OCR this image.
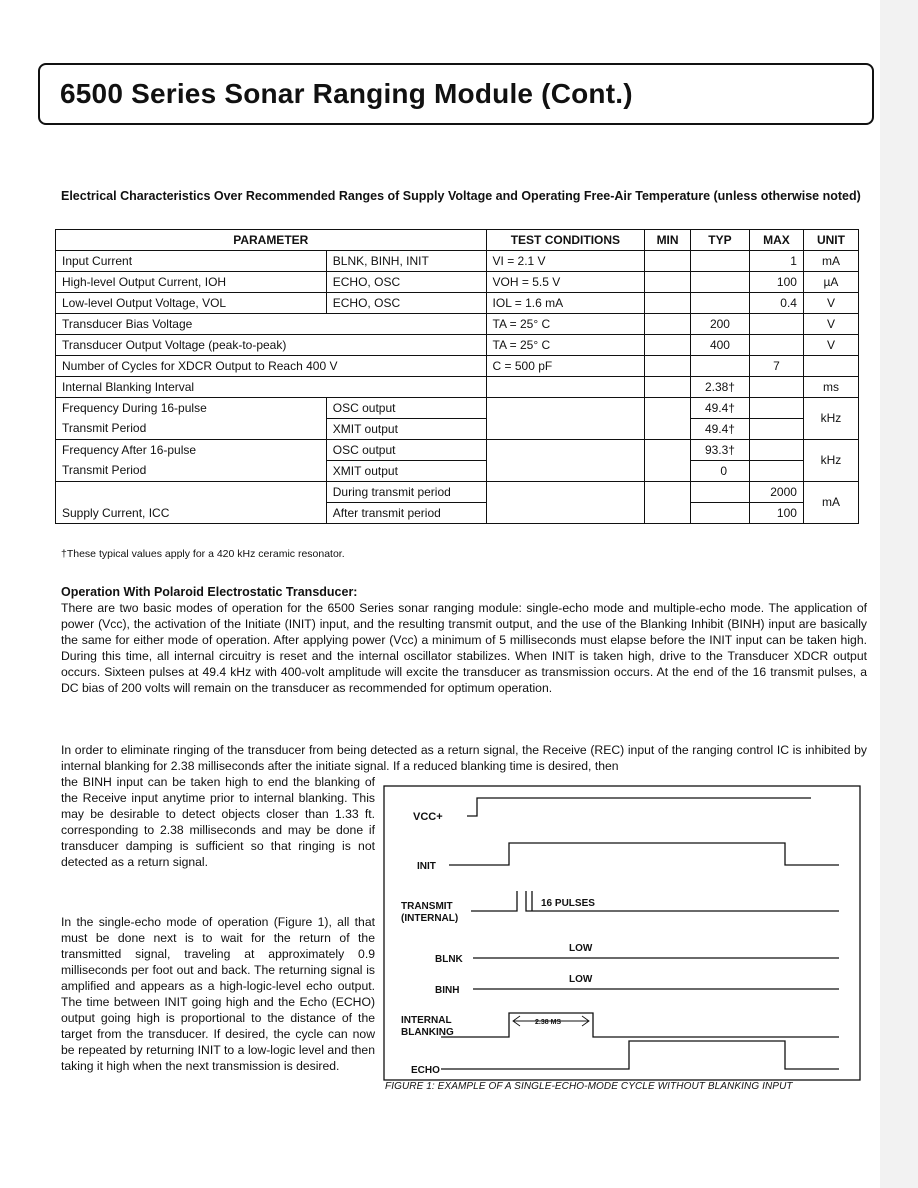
6500 Series Sonar Ranging Module (Cont.)
Electrical Characteristics Over Recommended Ranges of Supply Voltage and Operating Free-Air Temperature (unless otherwise noted)
PARAMETER		TEST CONDITIONS	MIN	TYP	MAX	UNIT
Input Current	BLNK, BINH, INIT	VI = 2.1 V			1	mA
High-level Output Current, IOH	ECHO, OSC	VOH = 5.5 V			100	µA
Low-level Output Voltage, VOL	ECHO, OSC	IOL = 1.6 mA			0.4	V
Transducer Bias Voltage		TA = 25° C		200		V
Transducer Output Voltage (peak-to-peak)		TA = 25° C		400		V
Number of Cycles for XDCR Output to Reach 400 V		C = 500 pF			7	
Internal Blanking Interval				2.38†		ms
Frequency During 16-pulse	OSC output			49.4†		kHz
Transmit Period	XMIT output			49.4†		
Frequency After 16-pulse	OSC output			93.3†		kHz
Transmit Period	XMIT output			0		
Supply Current, ICC	During transmit period				2000	mA
	After transmit period				100	
†These typical values apply for a 420 kHz ceramic resonator.
Operation With Polaroid Electrostatic Transducer:

There are two basic modes of operation for the 6500 Series sonar ranging module: single-echo mode and multiple-echo mode. The application of power (Vcc), the activation of the Initiate (INIT) input, and the resulting transmit output, and the use of the Blanking Inhibit (BINH) input are basically the same for either mode of operation. After applying power (Vcc) a minimum of 5 milliseconds must elapse before the INIT input can be taken high. During this time, all internal circuitry is reset and the internal oscillator stabilizes. When INIT is taken high, drive to the Transducer XDCR output occurs. Sixteen pulses at 49.4 kHz with 400-volt amplitude will excite the transducer as transmission occurs. At the end of the 16 transmit pulses, a DC bias of 200 volts will remain on the transducer as recommended for optimum operation.

In order to eliminate ringing of the transducer from being detected as a return signal, the Receive (REC) input of the ranging control IC is inhibited by internal blanking for 2.38 milliseconds after the initiate signal. If a reduced blanking time is desired, then

the BINH input can be taken high to end the blanking of the Receive input anytime prior to internal blanking. This may be desirable to detect objects closer than 1.33 ft. corresponding to 2.38 milliseconds and may be done if transducer damping is sufficient so that ringing is not detected as a return signal.

In the single-echo mode of operation (Figure 1), all that must be done next is to wait for the return of the transmitted signal, traveling at approximately 0.9 milliseconds per foot out and back. The returning signal is amplified and appears as a high-logic-level echo output. The time between INIT going high and the Echo (ECHO) output going high is proportional to the distance of the target from the transducer. If desired, the cycle can now be repeated by returning INIT to a low-logic level and then taking it high when the next transmission is desired.

VCC+
INIT
TRANSMIT
(INTERNAL)
16 PULSES
BLNK
LOW
BINH
LOW
INTERNAL
BLANKING
2.38 MS
ECHO
FIGURE 1: EXAMPLE OF A SINGLE-ECHO-MODE CYCLE WITHOUT BLANKING INPUT
